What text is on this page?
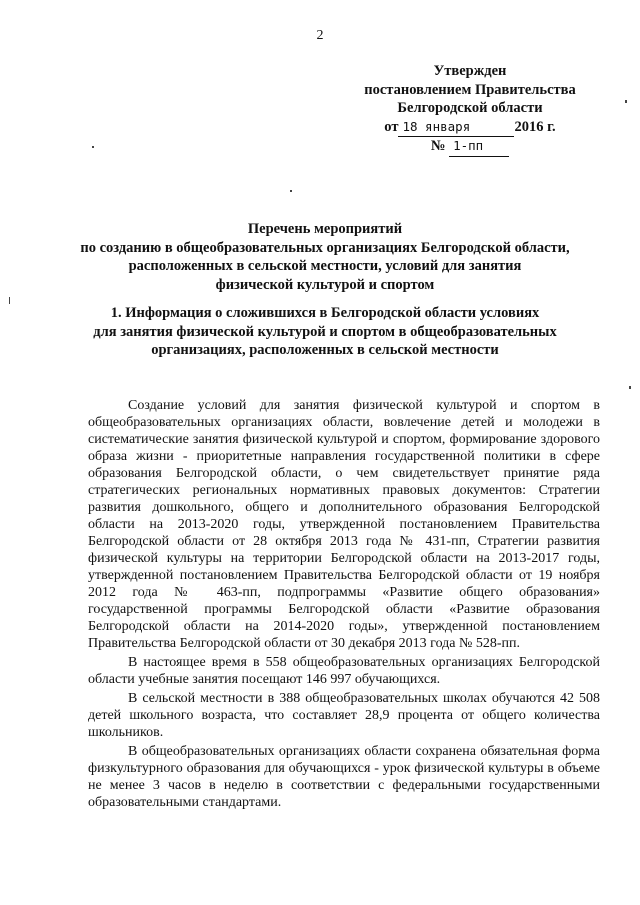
2
Утвержден
постановлением Правительства
Белгородской области
от 18 января	2016 г.
№ 1-пп
Перечень мероприятий
по созданию в общеобразовательных организациях Белгородской области,
расположенных в сельской местности, условий для занятия
физической культурой и спортом
1. Информация о сложившихся в Белгородской области условиях
для занятия физической культурой и спортом в общеобразовательных
организациях, расположенных в сельской местности

Создание условий для занятия физической культурой и спортом в общеобразовательных организациях области, вовлечение детей и молодежи в систематические занятия физической культурой и спортом, формирование здорового образа жизни - приоритетные направления государственной политики в сфере образования Белгородской области, о чем свидетельствует принятие ряда стратегических региональных нормативных правовых документов: Стратегии развития дошкольного, общего и дополнительного образования Белгородской области на 2013-2020 годы, утвержденной постановлением Правительства Белгородской области от 28 октября 2013 года № 431-пп, Стратегии развития физической культуры на территории Белгородской области на 2013-2017 годы, утвержденной постановлением Правительства Белгородской области от 19 ноября 2012 года № 463-пп, подпрограммы «Развитие общего образования» государственной программы Белгородской области «Развитие образования Белгородской области на 2014-2020 годы», утвержденной постановлением Правительства Белгородской области от 30 декабря 2013 года № 528-пп.

В настоящее время в 558 общеобразовательных организациях Белгородской области учебные занятия посещают 146 997 обучающихся.

В сельской местности в 388 общеобразовательных школах обучаются 42 508 детей школьного возраста, что составляет 28,9 процента от общего количества школьников.

В общеобразовательных организациях области сохранена обязательная форма физкультурного образования для обучающихся - урок физической культуры в объеме не менее 3 часов в неделю в соответствии с федеральными государственными образовательными стандартами.
